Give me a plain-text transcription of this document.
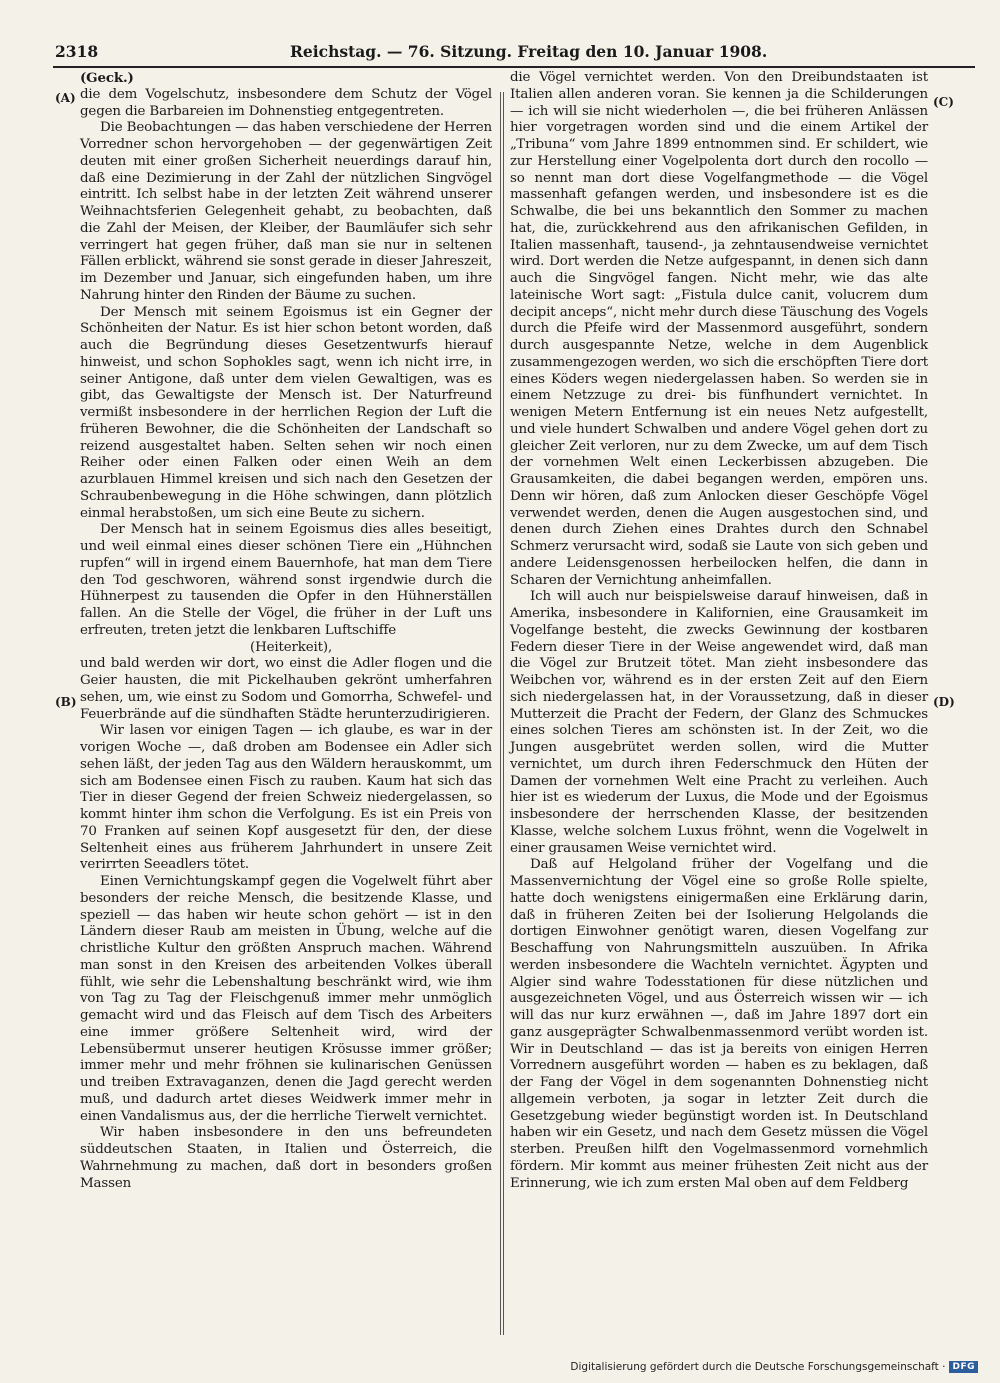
2318	Reichstag. — 76. Sitzung. Freitag den 10. Januar 1908.
(A)
(B)
(C)
(D)

(Geck.)

die dem Vogelschutz, insbesondere dem Schutz der Vögel gegen die Barbareien im Dohnenstieg entgegentreten.

Die Beobachtungen — das haben verschiedene der Herren Vorredner schon hervorgehoben — der gegenwärtigen Zeit deuten mit einer großen Sicherheit neuerdings darauf hin, daß eine Dezimierung in der Zahl der nützlichen Singvögel eintritt. Ich selbst habe in der letzten Zeit während unserer Weihnachtsferien Gelegenheit gehabt, zu beobachten, daß die Zahl der Meisen, der Kleiber, der Baumläufer sich sehr verringert hat gegen früher, daß man sie nur in seltenen Fällen erblickt, während sie sonst gerade in dieser Jahreszeit, im Dezember und Januar, sich eingefunden haben, um ihre Nahrung hinter den Rinden der Bäume zu suchen.

Der Mensch mit seinem Egoismus ist ein Gegner der Schönheiten der Natur. Es ist hier schon betont worden, daß auch die Begründung dieses Gesetzentwurfs hierauf hinweist, und schon Sophokles sagt, wenn ich nicht irre, in seiner Antigone, daß unter dem vielen Gewaltigen, was es gibt, das Gewaltigste der Mensch ist. Der Naturfreund vermißt insbesondere in der herrlichen Region der Luft die früheren Bewohner, die die Schönheiten der Landschaft so reizend ausgestaltet haben. Selten sehen wir noch einen Reiher oder einen Falken oder einen Weih an dem azurblauen Himmel kreisen und sich nach den Gesetzen der Schraubenbewegung in die Höhe schwingen, dann plötzlich einmal herabstoßen, um sich eine Beute zu sichern.

Der Mensch hat in seinem Egoismus dies alles beseitigt, und weil einmal eines dieser schönen Tiere ein „Hühnchen rupfen“ will in irgend einem Bauernhofe, hat man dem Tiere den Tod geschworen, während sonst irgendwie durch die Hühnerpest zu tausenden die Opfer in den Hühnerställen fallen. An die Stelle der Vögel, die früher in der Luft uns erfreuten, treten jetzt die lenkbaren Luftschiffe

(Heiterkeit),

und bald werden wir dort, wo einst die Adler flogen und die Geier hausten, die mit Pickelhauben gekrönt umherfahren sehen, um, wie einst zu Sodom und Gomorrha, Schwefel- und Feuerbrände auf die sündhaften Städte herunterzudirigieren.

Wir lasen vor einigen Tagen — ich glaube, es war in der vorigen Woche —, daß droben am Bodensee ein Adler sich sehen läßt, der jeden Tag aus den Wäldern herauskommt, um sich am Bodensee einen Fisch zu rauben. Kaum hat sich das Tier in dieser Gegend der freien Schweiz niedergelassen, so kommt hinter ihm schon die Verfolgung. Es ist ein Preis von 70 Franken auf seinen Kopf ausgesetzt für den, der diese Seltenheit eines aus früherem Jahrhundert in unsere Zeit verirrten Seeadlers tötet.

Einen Vernichtungskampf gegen die Vogelwelt führt aber besonders der reiche Mensch, die besitzende Klasse, und speziell — das haben wir heute schon gehört — ist in den Ländern dieser Raub am meisten in Übung, welche auf die christliche Kultur den größten Anspruch machen. Während man sonst in den Kreisen des arbeitenden Volkes überall fühlt, wie sehr die Lebenshaltung beschränkt wird, wie ihm von Tag zu Tag der Fleischgenuß immer mehr unmöglich gemacht wird und das Fleisch auf dem Tisch des Arbeiters eine immer größere Seltenheit wird, wird der Lebensübermut unserer heutigen Krösusse immer größer; immer mehr und mehr fröhnen sie kulinarischen Genüssen und treiben Extravaganzen, denen die Jagd gerecht werden muß, und dadurch artet dieses Weidwerk immer mehr in einen Vandalismus aus, der die herrliche Tierwelt vernichtet.

Wir haben insbesondere in den uns befreundeten süddeutschen Staaten, in Italien und Österreich, die Wahrnehmung zu machen, daß dort in besonders großen Massen

die Vögel vernichtet werden. Von den Dreibundstaaten ist Italien allen anderen voran. Sie kennen ja die Schilderungen — ich will sie nicht wiederholen —, die bei früheren Anlässen hier vorgetragen worden sind und die einem Artikel der „Tribuna“ vom Jahre 1899 entnommen sind. Er schildert, wie zur Herstellung einer Vogelpolenta dort durch den rocollo — so nennt man dort diese Vogelfangmethode — die Vögel massenhaft gefangen werden, und insbesondere ist es die Schwalbe, die bei uns bekanntlich den Sommer zu machen hat, die, zurückkehrend aus den afrikanischen Gefilden, in Italien massenhaft, tausend-, ja zehntausendweise vernichtet wird. Dort werden die Netze aufgespannt, in denen sich dann auch die Singvögel fangen. Nicht mehr, wie das alte lateinische Wort sagt: „Fistula dulce canit, volucrem dum decipit anceps“, nicht mehr durch diese Täuschung des Vogels durch die Pfeife wird der Massenmord ausgeführt, sondern durch ausgespannte Netze, welche in dem Augenblick zusammengezogen werden, wo sich die erschöpften Tiere dort eines Köders wegen niedergelassen haben. So werden sie in einem Netzzuge zu drei- bis fünfhundert vernichtet. In wenigen Metern Entfernung ist ein neues Netz aufgestellt, und viele hundert Schwalben und andere Vögel gehen dort zu gleicher Zeit verloren, nur zu dem Zwecke, um auf dem Tisch der vornehmen Welt einen Leckerbissen abzugeben. Die Grausamkeiten, die dabei begangen werden, empören uns. Denn wir hören, daß zum Anlocken dieser Geschöpfe Vögel verwendet werden, denen die Augen ausgestochen sind, und denen durch Ziehen eines Drahtes durch den Schnabel Schmerz verursacht wird, sodaß sie Laute von sich geben und andere Leidensgenossen herbeilocken helfen, die dann in Scharen der Vernichtung anheimfallen.

Ich will auch nur beispielsweise darauf hinweisen, daß in Amerika, insbesondere in Kalifornien, eine Grausamkeit im Vogelfange besteht, die zwecks Gewinnung der kostbaren Federn dieser Tiere in der Weise angewendet wird, daß man die Vögel zur Brutzeit tötet. Man zieht insbesondere das Weibchen vor, während es in der ersten Zeit auf den Eiern sich niedergelassen hat, in der Voraussetzung, daß in dieser Mutterzeit die Pracht der Federn, der Glanz des Schmuckes eines solchen Tieres am schönsten ist. In der Zeit, wo die Jungen ausgebrütet werden sollen, wird die Mutter vernichtet, um durch ihren Federschmuck den Hüten der Damen der vornehmen Welt eine Pracht zu verleihen. Auch hier ist es wiederum der Luxus, die Mode und der Egoismus insbesondere der herrschenden Klasse, der besitzenden Klasse, welche solchem Luxus fröhnt, wenn die Vogelwelt in einer grausamen Weise vernichtet wird.

Daß auf Helgoland früher der Vogelfang und die Massenvernichtung der Vögel eine so große Rolle spielte, hatte doch wenigstens einigermaßen eine Erklärung darin, daß in früheren Zeiten bei der Isolierung Helgolands die dortigen Einwohner genötigt waren, diesen Vogelfang zur Beschaffung von Nahrungsmitteln auszuüben. In Afrika werden insbesondere die Wachteln vernichtet. Ägypten und Algier sind wahre Todesstationen für diese nützlichen und ausgezeichneten Vögel, und aus Österreich wissen wir — ich will das nur kurz erwähnen —, daß im Jahre 1897 dort ein ganz ausgeprägter Schwalbenmassenmord verübt worden ist. Wir in Deutschland — das ist ja bereits von einigen Herren Vorrednern ausgeführt worden — haben es zu beklagen, daß der Fang der Vögel in dem sogenannten Dohnenstieg nicht allgemein verboten, ja sogar in letzter Zeit durch die Gesetzgebung wieder begünstigt worden ist. In Deutschland haben wir ein Gesetz, und nach dem Gesetz müssen die Vögel sterben. Preußen hilft den Vogelmassenmord vornehmlich fördern. Mir kommt aus meiner frühesten Zeit nicht aus der Erinnerung, wie ich zum ersten Mal oben auf dem Feldberg

Digitalisierung gefördert durch die Deutsche Forschungsgemeinschaft · DFG
